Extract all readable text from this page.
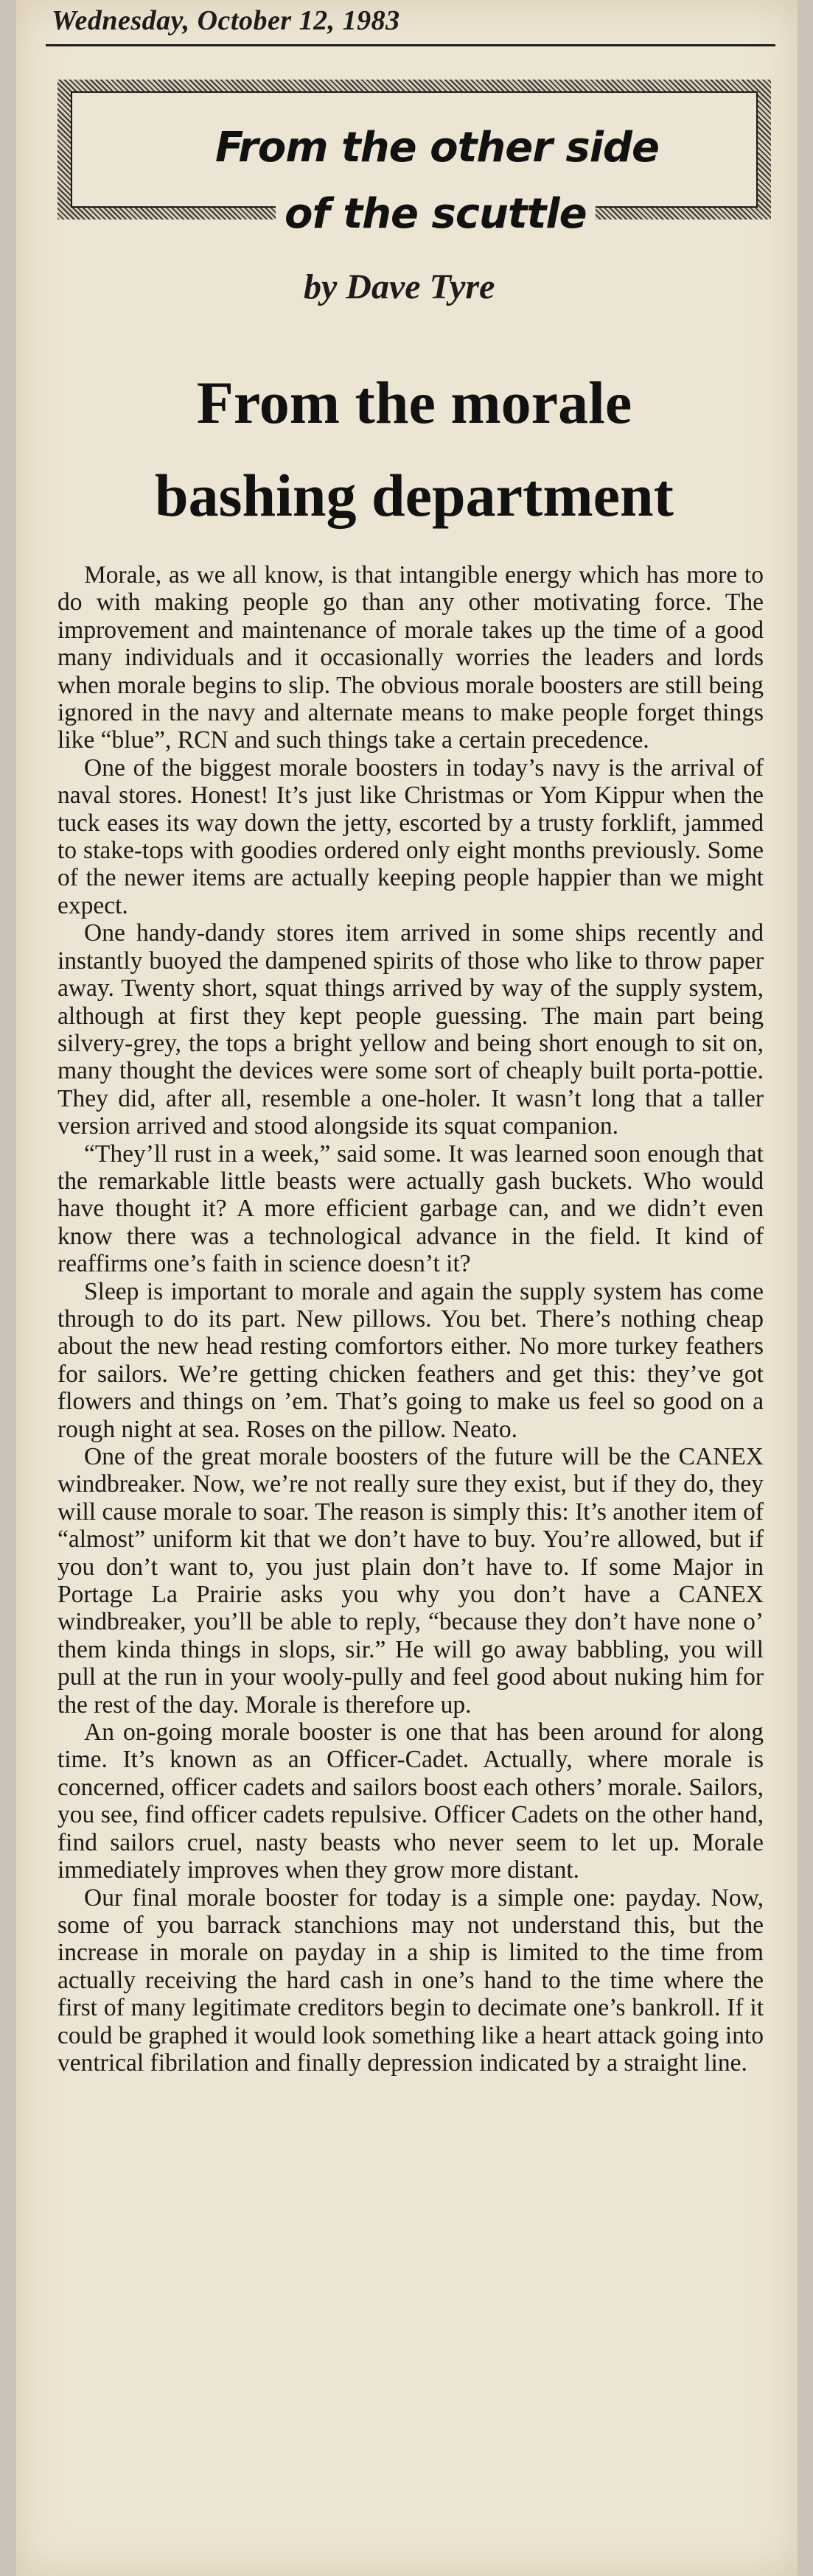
Wednesday, October 12, 1983
From the other side
of the scuttle
by Dave Tyre
From the morale
bashing department

Morale, as we all know, is that intangible energy which has more to do with making people go than any other motivating force. The improvement and maintenance of morale takes up the time of a good many individuals and it occasionally worries the leaders and lords when morale begins to slip. The obvious morale boosters are still being ignored in the navy and alternate means to make people forget things like “blue”, RCN and such things take a certain precedence.

One of the biggest morale boosters in today’s navy is the arrival of naval stores. Honest! It’s just like Christmas or Yom Kippur when the tuck eases its way down the jetty, escorted by a trusty forklift, jammed to stake-tops with goodies ordered only eight months previously. Some of the newer items are actually keeping people happier than we might expect.

One handy-dandy stores item arrived in some ships recently and instantly buoyed the dampened spirits of those who like to throw paper away. Twenty short, squat things arrived by way of the supply system, although at first they kept people guessing. The main part being silvery-grey, the tops a bright yellow and being short enough to sit on, many thought the devices were some sort of cheaply built porta-pottie. They did, after all, resemble a one-holer. It wasn’t long that a taller version arrived and stood alongside its squat companion.

“They’ll rust in a week,” said some. It was learned soon enough that the remarkable little beasts were actually gash buckets. Who would have thought it? A more efficient garbage can, and we didn’t even know there was a technological advance in the field. It kind of reaffirms one’s faith in science doesn’t it?

Sleep is important to morale and again the supply system has come through to do its part. New pillows. You bet. There’s nothing cheap about the new head resting comfortors either. No more turkey feathers for sailors. We’re getting chicken feathers and get this: they’ve got flowers and things on ’em. That’s going to make us feel so good on a rough night at sea. Roses on the pillow. Neato.

One of the great morale boosters of the future will be the CANEX windbreaker. Now, we’re not really sure they exist, but if they do, they will cause morale to soar. The reason is simply this: It’s another item of “almost” uniform kit that we don’t have to buy. You’re allowed, but if you don’t want to, you just plain don’t have to. If some Major in Portage La Prairie asks you why you don’t have a CANEX windbreaker, you’ll be able to reply, “because they don’t have none o’ them kinda things in slops, sir.” He will go away babbling, you will pull at the run in your wooly-pully and feel good about nuking him for the rest of the day. Morale is therefore up.

An on-going morale booster is one that has been around for along time. It’s known as an Officer-Cadet. Actually, where morale is concerned, officer cadets and sailors boost each others’ morale. Sailors, you see, find officer cadets repulsive. Officer Cadets on the other hand, find sailors cruel, nasty beasts who never seem to let up. Morale immediately improves when they grow more distant.

Our final morale booster for today is a simple one: payday. Now, some of you barrack stanchions may not understand this, but the increase in morale on payday in a ship is limited to the time from actually receiving the hard cash in one’s hand to the time where the first of many legitimate creditors begin to decimate one’s bankroll. If it could be graphed it would look something like a heart attack going into ventrical fibrilation and finally depression indicated by a straight line.
